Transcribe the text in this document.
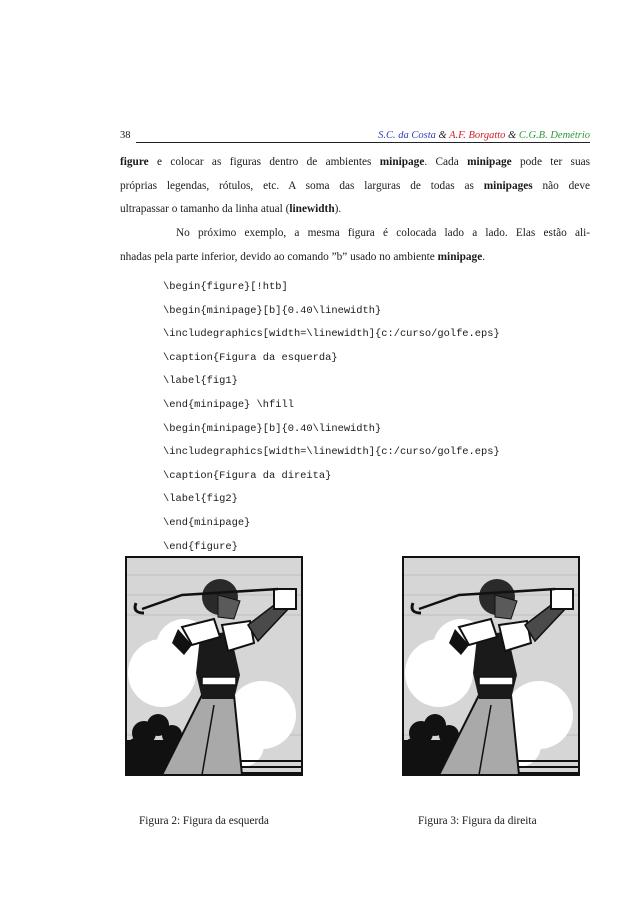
38	S.C. da Costa & A.F. Borgatto & C.G.B. Demétrio
figure e colocar as figuras dentro de ambientes minipage. Cada minipage pode ter suas
próprias legendas, rótulos, etc. A soma das larguras de todas as minipages não deve
ultrapassar o tamanho da linha atual (linewidth).
No próximo exemplo, a mesma figura é colocada lado a lado. Elas estão ali-
nhadas pela parte inferior, devido ao comando ”b” usado no ambiente minipage.
\begin{figure}[!htb]
\begin{minipage}[b]{0.40\linewidth}
\includegraphics[width=\linewidth]{c:/curso/golfe.eps}
\caption{Figura da esquerda}
\label{fig1}
\end{minipage} \hfill
\begin{minipage}[b]{0.40\linewidth}
\includegraphics[width=\linewidth]{c:/curso/golfe.eps}
\caption{Figura da direita}
\label{fig2}
\end{minipage}
\end{figure}
Figura 2: Figura da esquerda	Figura 3: Figura da direita
